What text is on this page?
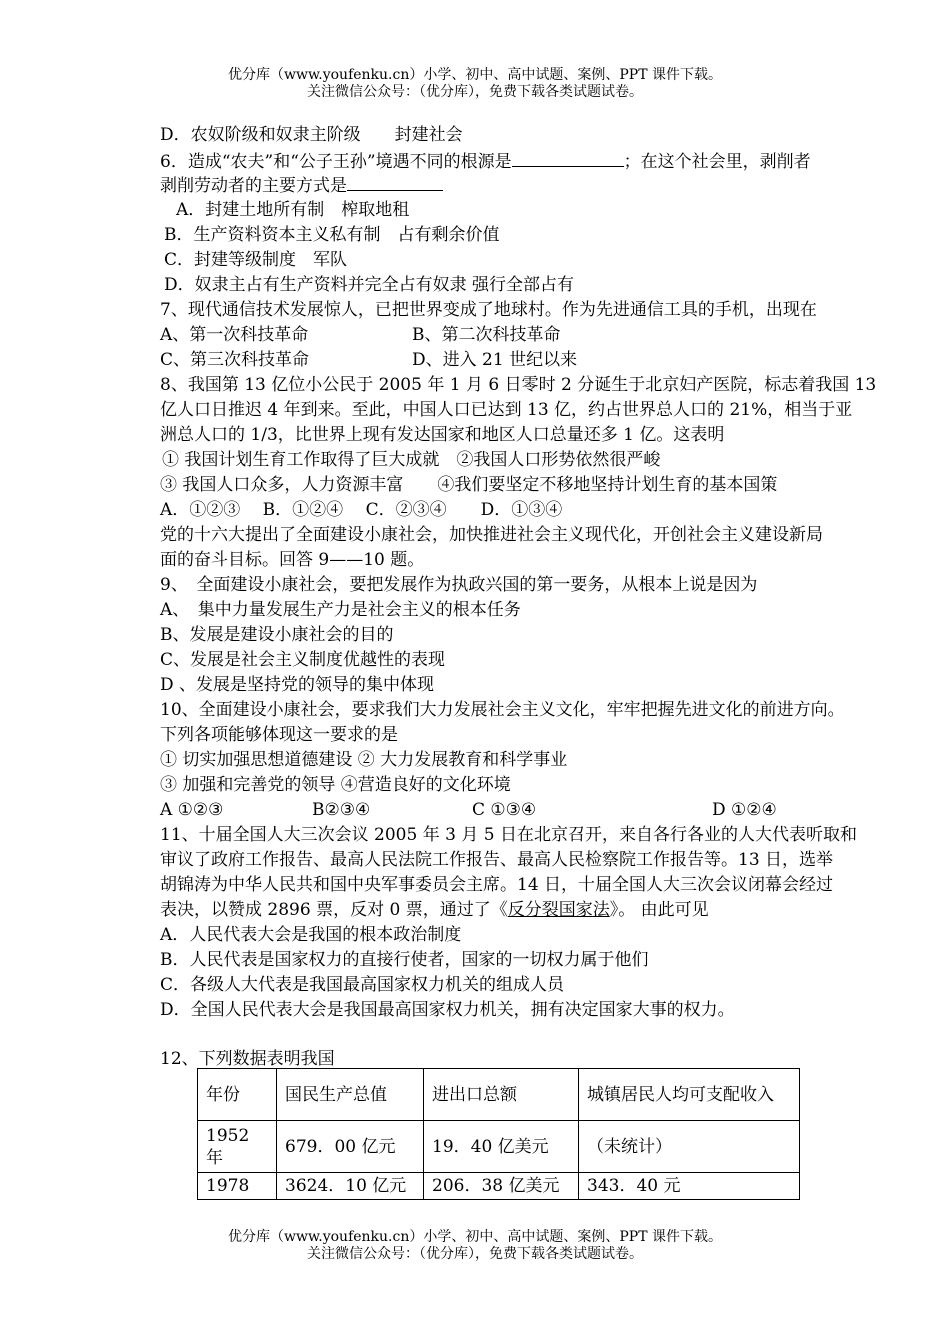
优分库（www.youfenku.cn）小学、初中、高中试题、案例、PPT 课件下载。
关注微信公众号：（优分库），免费下载各类试题试卷。
D．农奴阶级和奴隶主阶级　　封建社会
6．造成“农夫”和“公子王孙”境遇不同的根源是	；在这个社会里，剥削者
剥削劳动者的主要方式是
A．封建土地所有制　榨取地租
B．生产资料资本主义私有制　占有剩余价值
C．封建等级制度　军队
D．奴隶主占有生产资料并完全占有奴隶 强行全部占有
7、现代通信技术发展惊人，已把世界变成了地球村。作为先进通信工具的手机，出现在
A、第一次科技革命	B、第二次科技革命
C、第三次科技革命	D、进入 21 世纪以来
8、我国第 13 亿位小公民于 2005 年 1 月 6 日零时 2 分诞生于北京妇产医院，标志着我国 13
亿人口日推迟 4 年到来。至此，中国人口已达到 13 亿，约占世界总人口的 21%，相当于亚
洲总人口的 1/3，比世界上现有发达国家和地区人口总量还多 1 亿。这表明
① 我国计划生育工作取得了巨大成就　②我国人口形势依然很严峻
③ 我国人口众多，人力资源丰富　　④我们要坚定不移地坚持计划生育的基本国策
A．①②③　 B．①②④　 C．②③④　　D．①③④
党的十六大提出了全面建设小康社会，加快推进社会主义现代化，开创社会主义建设新局
面的奋斗目标。回答 9——10 题。
9、　全面建设小康社会，要把发展作为执政兴国的第一要务，从根本上说是因为
A、　集中力量发展生产力是社会主义的根本任务
B、发展是建设小康社会的目的
C、发展是社会主义制度优越性的表现
D 、发展是坚持党的领导的集中体现
10、全面建设小康社会，要求我们大力发展社会主义文化，牢牢把握先进文化的前进方向。
下列各项能够体现这一要求的是
① 切实加强思想道德建设 ② 大力发展教育和科学事业
③ 加强和完善党的领导 ④营造良好的文化环境
A ①②③	B②③④	C ①③④	D ①②④
11、十届全国人大三次会议 2005 年 3 月 5 日在北京召开，来自各行各业的人大代表听取和
审议了政府工作报告、最高人民法院工作报告、最高人民检察院工作报告等。13 日，选举
胡锦涛为中华人民共和国中央军事委员会主席。14 日，十届全国人大三次会议闭幕会经过
表决，以赞成 2896 票，反对 0 票，通过了《反分裂国家法》。 由此可见
A．人民代表大会是我国的根本政治制度
B．人民代表是国家权力的直接行使者，国家的一切权力属于他们
C．各级人大代表是我国最高国家权力机关的组成人员
D．全国人民代表大会是我国最高国家权力机关，拥有决定国家大事的权力。
12、下列数据表明我国
年份	国民生产总值	进出口总额	城镇居民人均可支配收入
1952 年	679．00 亿元	19．40 亿美元	（未统计）
1978	3624．10 亿元	206．38 亿美元	343．40 元
优分库（www.youfenku.cn）小学、初中、高中试题、案例、PPT 课件下载。
关注微信公众号：（优分库），免费下载各类试题试卷。
